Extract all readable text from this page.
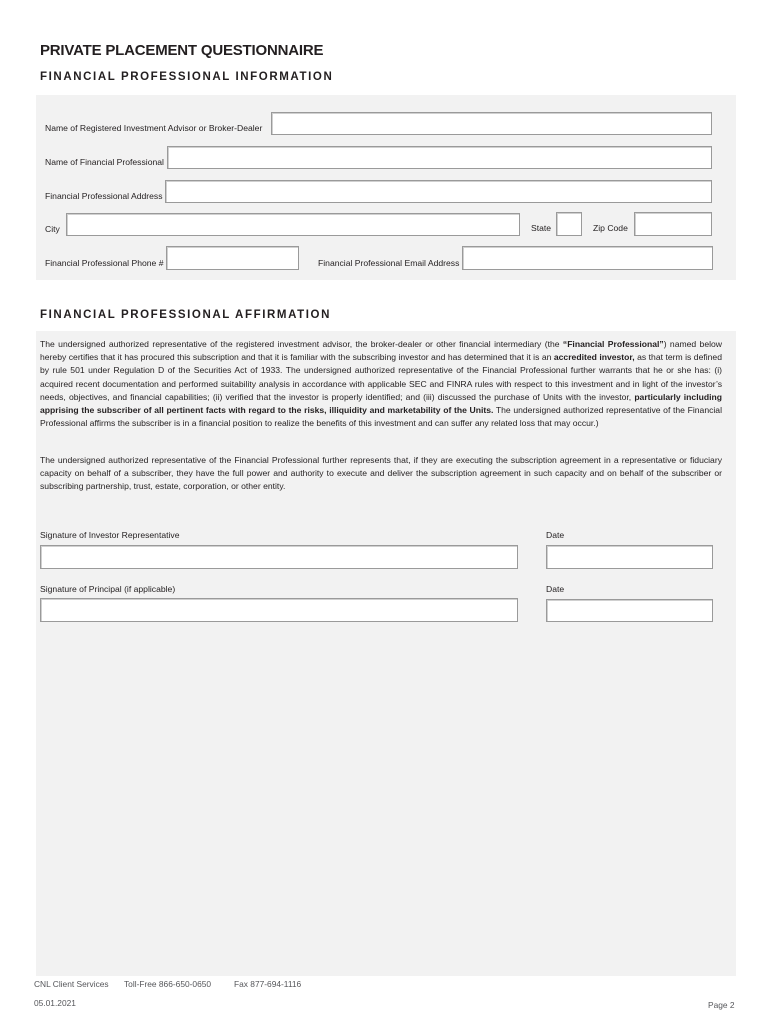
PRIVATE PLACEMENT QUESTIONNAIRE
FINANCIAL PROFESSIONAL INFORMATION
Name of Registered Investment Advisor or Broker-Dealer
Name of Financial Professional
Financial Professional Address
City	State	Zip Code
Financial Professional Phone #	Financial Professional Email Address
FINANCIAL PROFESSIONAL AFFIRMATION
The undersigned authorized representative of the registered investment advisor, the broker-dealer or other financial intermediary (the “Financial Professional”) named below hereby certifies that it has procured this subscription and that it is familiar with the subscribing investor and has determined that it is an accredited investor, as that term is defined by rule 501 under Regulation D of the Securities Act of 1933. The undersigned authorized representative of the Financial Professional further warrants that he or she has: (i) acquired recent documentation and performed suitability analysis in accordance with applicable SEC and FINRA rules with respect to this investment and in light of the investor’s needs, objectives, and financial capabilities; (ii) verified that the investor is properly identified; and (iii) discussed the purchase of Units with the investor, particularly including apprising the subscriber of all pertinent facts with regard to the risks, illiquidity and marketability of the Units. The undersigned authorized representative of the Financial Professional affirms the subscriber is in a financial position to realize the benefits of this investment and can suffer any related loss that may occur.)
The undersigned authorized representative of the Financial Professional further represents that, if they are executing the subscription agreement in a representative or fiduciary capacity on behalf of a subscriber, they have the full power and authority to execute and deliver the subscription agreement in such capacity and on behalf of the subscriber or subscribing partnership, trust, estate, corporation, or other entity.
Signature of Investor Representative	Date
Signature of Principal (if applicable)	Date
CNL Client Services Toll-Free 866-650-0650	Fax 877-694-1116
05.01.2021	Page 2
